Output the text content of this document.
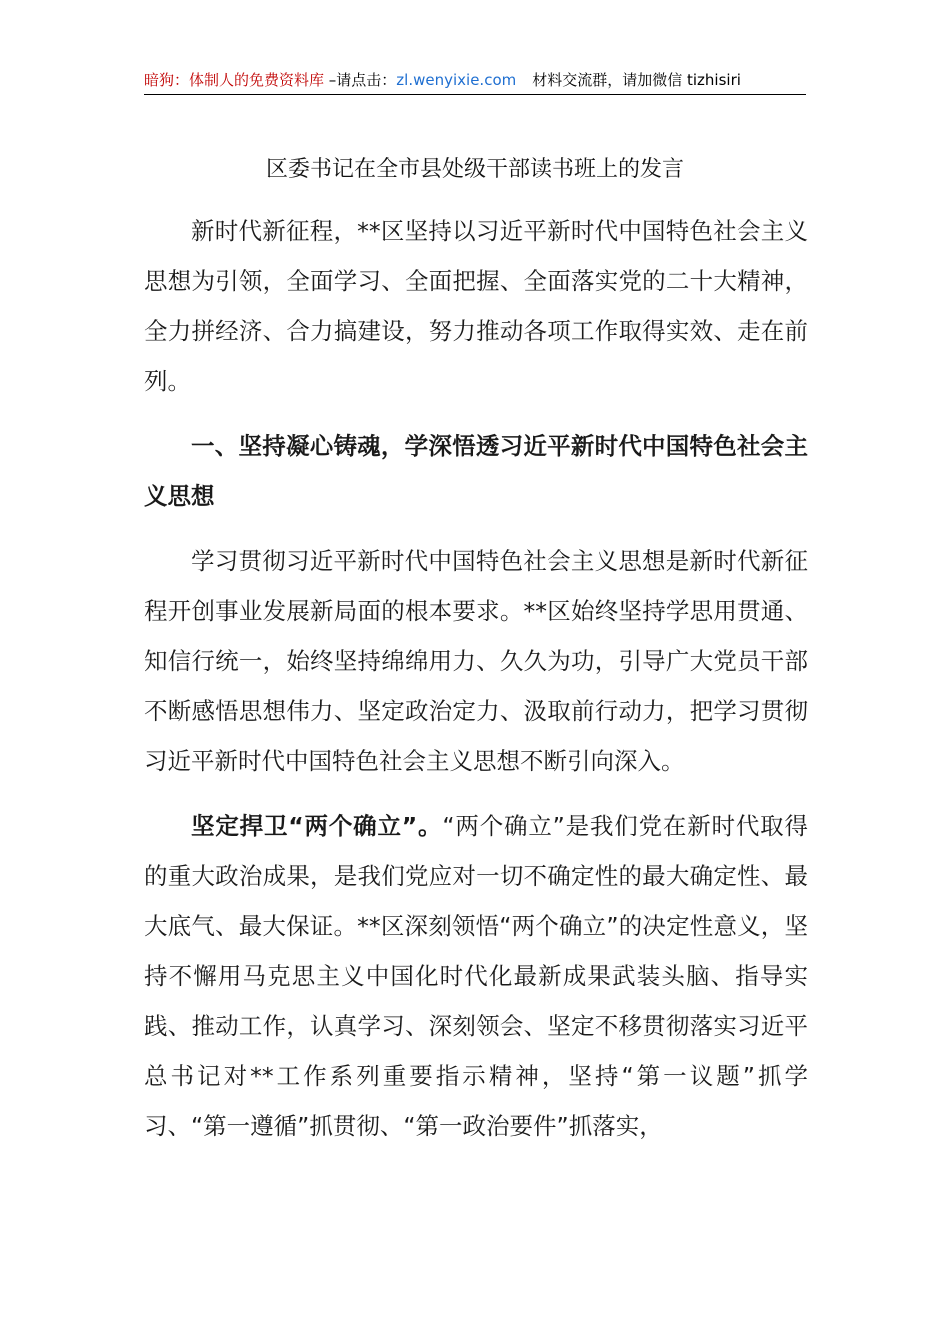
暗狗：体制人的免费资料库 –请点击：zl.wenyixie.com 材料交流群，请加微信 tizhisiri
区委书记在全市县处级干部读书班上的发言

新时代新征程，**区坚持以习近平新时代中国特色社会主义思想为引领，全面学习、全面把握、全面落实党的二十大精神，全力拼经济、合力搞建设，努力推动各项工作取得实效、走在前列。

一、坚持凝心铸魂，学深悟透习近平新时代中国特色社会主义思想

学习贯彻习近平新时代中国特色社会主义思想是新时代新征程开创事业发展新局面的根本要求。**区始终坚持学思用贯通、知信行统一，始终坚持绵绵用力、久久为功，引导广大党员干部不断感悟思想伟力、坚定政治定力、汲取前行动力，把学习贯彻习近平新时代中国特色社会主义思想不断引向深入。

坚定捍卫“两个确立”。“两个确立”是我们党在新时代取得的重大政治成果，是我们党应对一切不确定性的最大确定性、最大底气、最大保证。**区深刻领悟“两个确立”的决定性意义，坚持不懈用马克思主义中国化时代化最新成果武装头脑、指导实践、推动工作，认真学习、深刻领会、坚定不移贯彻落实习近平总书记对**工作系列重要指示精神，坚持“第一议题”抓学习、“第一遵循”抓贯彻、“第一政治要件”抓落实，
